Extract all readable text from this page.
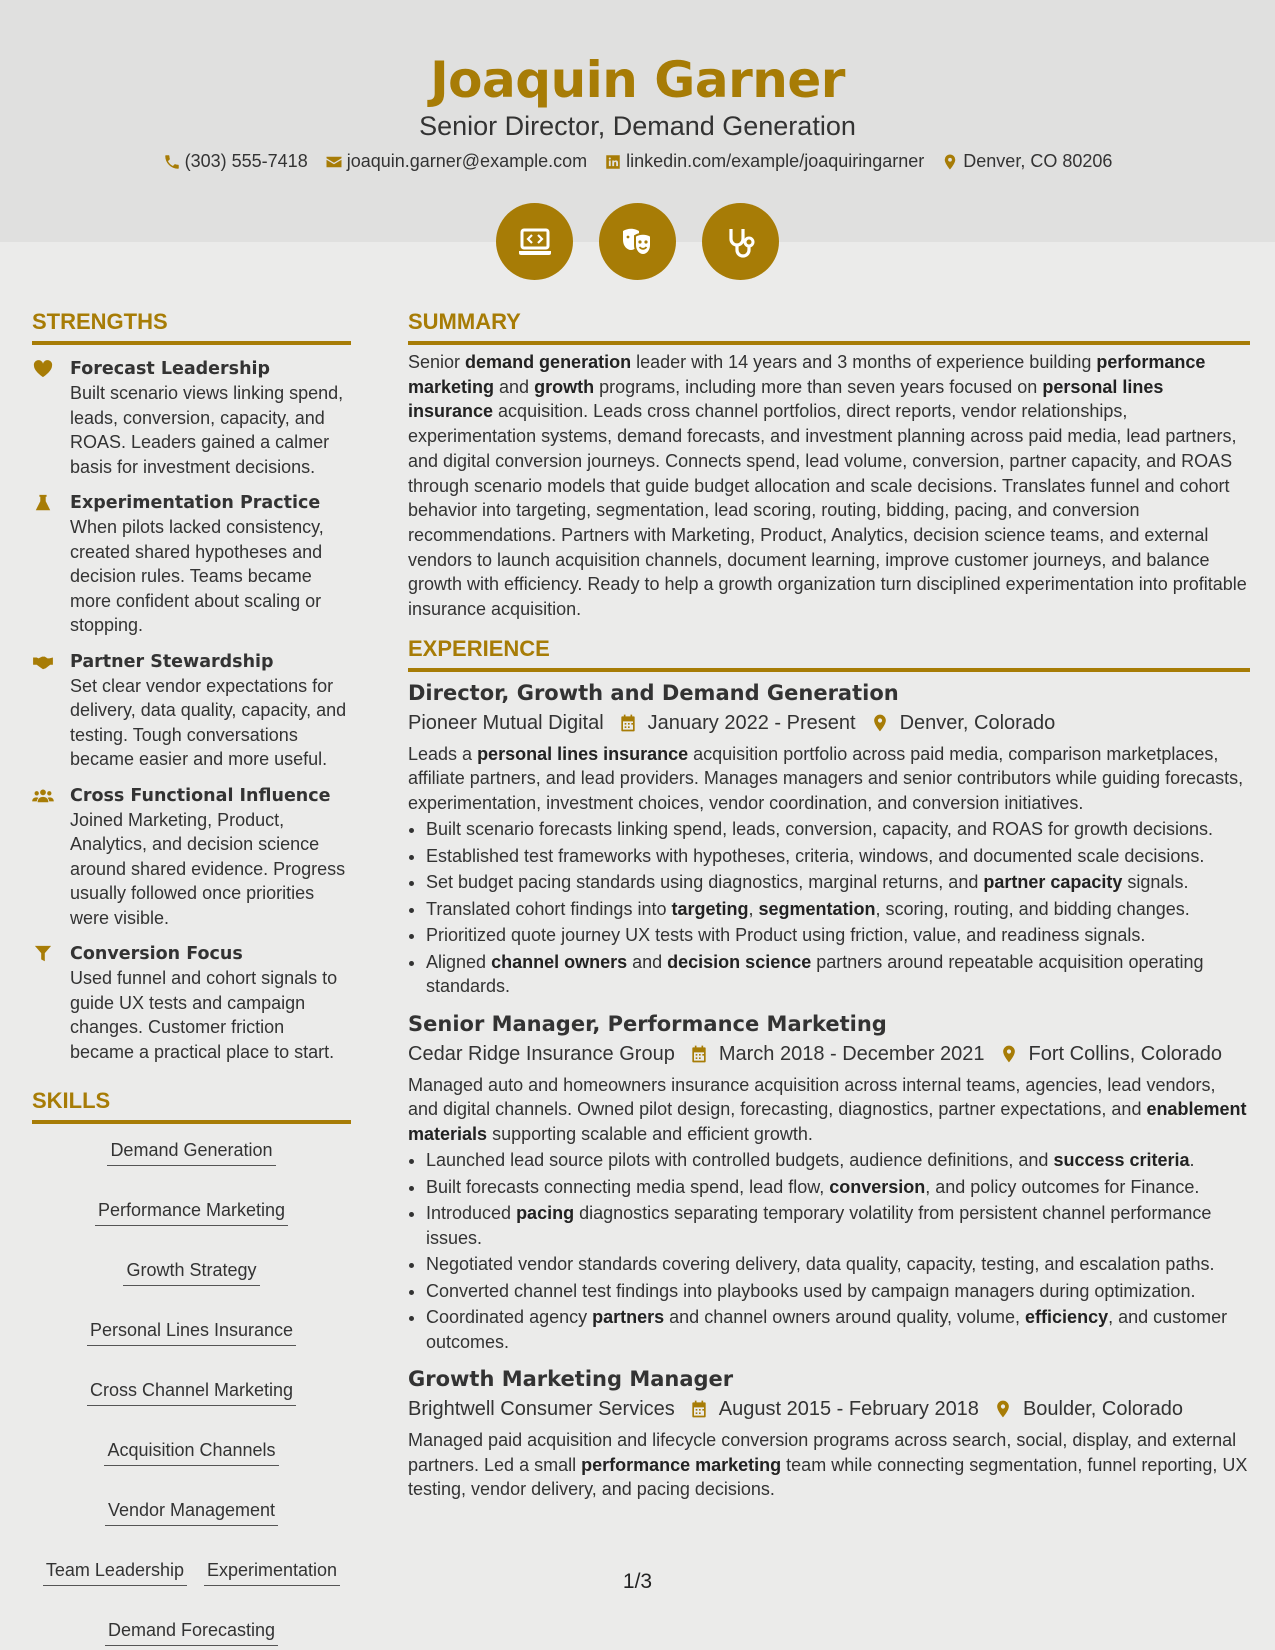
Joaquin Garner
Senior Director, Demand Generation
(303) 555-7418 joaquin.garner@example.com linkedin.com/example/joaquiringarner Denver, CO 80206
STRENGTHS
Forecast Leadership
Built scenario views linking spend, leads, conversion, capacity, and ROAS. Leaders gained a calmer basis for investment decisions.
Experimentation Practice
When pilots lacked consistency, created shared hypotheses and decision rules. Teams became more confident about scaling or stopping.
Partner Stewardship
Set clear vendor expectations for delivery, data quality, capacity, and testing. Tough conversations became easier and more useful.
Cross Functional Influence
Joined Marketing, Product, Analytics, and decision science around shared evidence. Progress usually followed once priorities were visible.
Conversion Focus
Used funnel and cohort signals to guide UX tests and campaign changes. Customer friction became a practical place to start.
SKILLS
Demand Generation
Performance Marketing
Growth Strategy
Personal Lines Insurance
Cross Channel Marketing
Acquisition Channels
Vendor Management
Team Leadership Experimentation
Demand Forecasting
SUMMARY

Senior demand generation leader with 14 years and 3 months of experience building performance marketing and growth programs, including more than seven years focused on personal lines insurance acquisition. Leads cross channel portfolios, direct reports, vendor relationships, experimentation systems, demand forecasts, and investment planning across paid media, lead partners, and digital conversion journeys. Connects spend, lead volume, conversion, partner capacity, and ROAS through scenario models that guide budget allocation and scale decisions. Translates funnel and cohort behavior into targeting, segmentation, lead scoring, routing, bidding, pacing, and conversion recommendations. Partners with Marketing, Product, Analytics, decision science teams, and external vendors to launch acquisition channels, document learning, improve customer journeys, and balance growth with efficiency. Ready to help a growth organization turn disciplined experimentation into profitable insurance acquisition.

EXPERIENCE
Director, Growth and Demand Generation
Pioneer Mutual Digital January 2022 - Present Denver, Colorado
Leads a personal lines insurance acquisition portfolio across paid media, comparison marketplaces, affiliate partners, and lead providers. Manages managers and senior contributors while guiding forecasts, experimentation, investment choices, vendor coordination, and conversion initiatives.
• Built scenario forecasts linking spend, leads, conversion, capacity, and ROAS for growth decisions.
• Established test frameworks with hypotheses, criteria, windows, and documented scale decisions.
• Set budget pacing standards using diagnostics, marginal returns, and partner capacity signals.
• Translated cohort findings into targeting, segmentation, scoring, routing, and bidding changes.
• Prioritized quote journey UX tests with Product using friction, value, and readiness signals.
• Aligned channel owners and decision science partners around repeatable acquisition operating standards.
Senior Manager, Performance Marketing
Cedar Ridge Insurance Group March 2018 - December 2021 Fort Collins, Colorado
Managed auto and homeowners insurance acquisition across internal teams, agencies, lead vendors, and digital channels. Owned pilot design, forecasting, diagnostics, partner expectations, and enablement materials supporting scalable and efficient growth.
• Launched lead source pilots with controlled budgets, audience definitions, and success criteria.
• Built forecasts connecting media spend, lead flow, conversion, and policy outcomes for Finance.
• Introduced pacing diagnostics separating temporary volatility from persistent channel performance issues.
• Negotiated vendor standards covering delivery, data quality, capacity, testing, and escalation paths.
• Converted channel test findings into playbooks used by campaign managers during optimization.
• Coordinated agency partners and channel owners around quality, volume, efficiency, and customer outcomes.
Growth Marketing Manager
Brightwell Consumer Services August 2015 - February 2018 Boulder, Colorado
Managed paid acquisition and lifecycle conversion programs across search, social, display, and external partners. Led a small performance marketing team while connecting segmentation, funnel reporting, UX testing, vendor delivery, and pacing decisions.
1/3
